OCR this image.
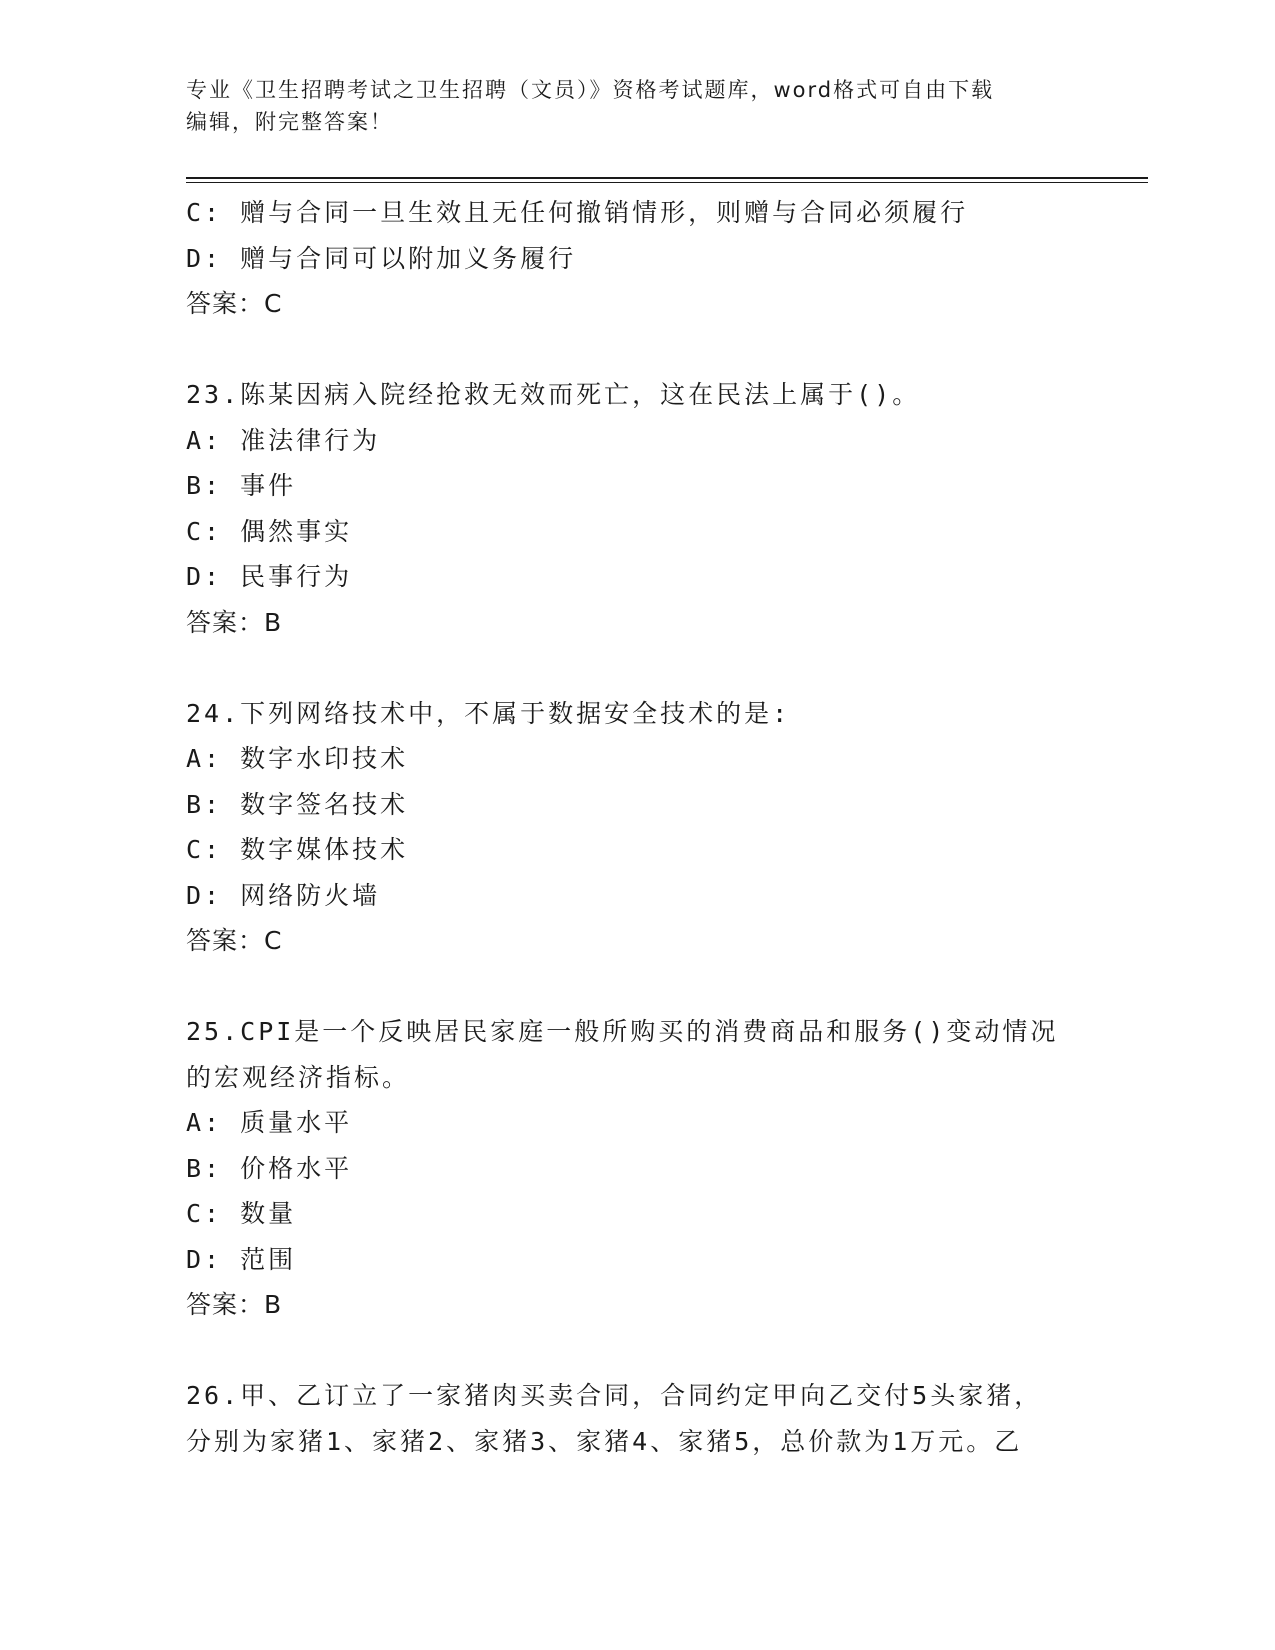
专业《卫生招聘考试之卫生招聘（文员）》资格考试题库，word格式可自由下载
编辑，附完整答案！
C: 赠与合同一旦生效且无任何撤销情形，则赠与合同必须履行
D: 赠与合同可以附加义务履行
答案：C
23.陈某因病入院经抢救无效而死亡，这在民法上属于()。
A: 准法律行为
B: 事件
C: 偶然事实
D: 民事行为
答案：B
24.下列网络技术中，不属于数据安全技术的是:
A: 数字水印技术
B: 数字签名技术
C: 数字媒体技术
D: 网络防火墙
答案：C
25.CPI是一个反映居民家庭一般所购买的消费商品和服务()变动情况
的宏观经济指标。
A: 质量水平
B: 价格水平
C: 数量
D: 范围
答案：B
26.甲、乙订立了一家猪肉买卖合同，合同约定甲向乙交付5头家猪，
分别为家猪1、家猪2、家猪3、家猪4、家猪5，总价款为1万元。乙
